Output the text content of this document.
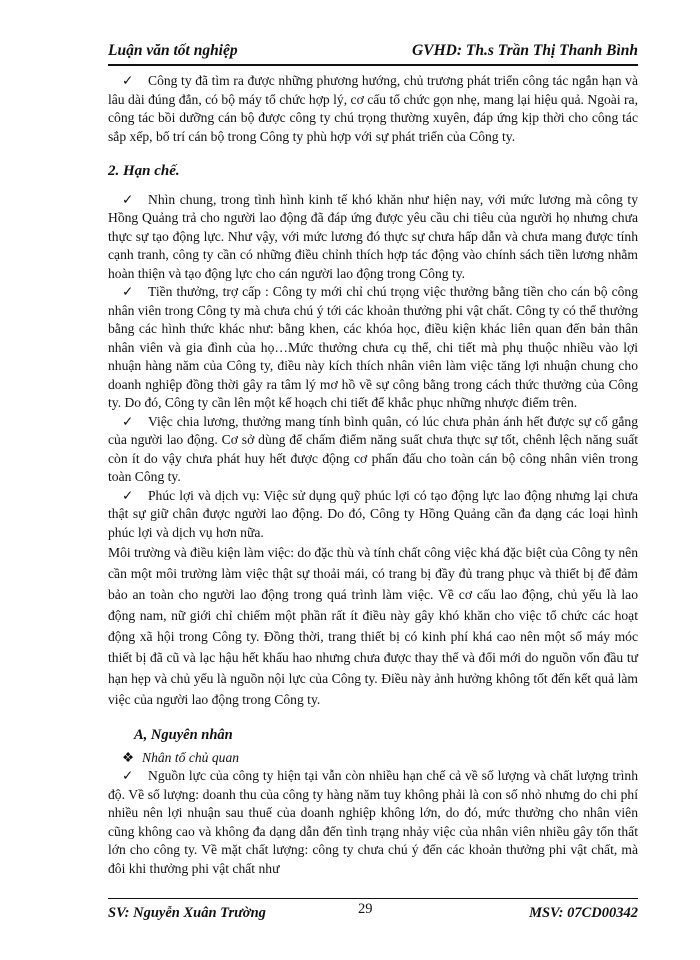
Luận văn tốt nghiệp	GVHD: Th.s Trần Thị Thanh Bình

✓ Công ty đã tìm ra được những phương hướng, chủ trương phát triển công tác ngắn hạn và lâu dài đúng đắn, có bộ máy tổ chức hợp lý, cơ cấu tổ chức gọn nhẹ, mang lại hiệu quả. Ngoài ra, công tác bồi dưỡng cán bộ được công ty chú trọng thường xuyên, đáp ứng kịp thời cho công tác sắp xếp, bố trí cán bộ trong Công ty phù hợp với sự phát triển của Công ty.

2. Hạn chế.

✓ Nhìn chung, trong tình hình kinh tế khó khăn như hiện nay, với mức lương mà công ty Hồng Quảng trả cho người lao động đã đáp ứng được yêu cầu chi tiêu của người họ nhưng chưa thực sự tạo động lực. Như vậy, với mức lương đó thực sự chưa hấp dẫn và chưa mang được tính cạnh tranh, công ty cần có những điều chỉnh thích hợp tác động vào chính sách tiền lương nhằm hoàn thiện và tạo động lực cho cán người lao động trong Công ty.

✓ Tiền thưởng, trợ cấp : Công ty mới chỉ chú trọng việc thưởng bằng tiền cho cán bộ công nhân viên trong Công ty mà chưa chú ý tới các khoản thưởng phi vật chất. Công ty có thể thưởng bằng các hình thức khác như: bằng khen, các khóa học, điều kiện khác liên quan đến bản thân nhân viên và gia đình của họ…Mức thưởng chưa cụ thể, chi tiết mà phụ thuộc nhiều vào lợi nhuận hàng năm của Công ty, điều này kích thích nhân viên làm việc tăng lợi nhuận chung cho doanh nghiệp đồng thời gây ra tâm lý mơ hồ về sự công bằng trong cách thức thưởng của Công ty. Do đó, Công ty cần lên một kế hoạch chi tiết để khắc phục những nhược điểm trên.

✓ Việc chia lương, thưởng mang tính bình quân, có lúc chưa phản ánh hết được sự cố gắng của người lao động. Cơ sở dùng để chấm điểm năng suất chưa thực sự tốt, chênh lệch năng suất còn ít do vậy chưa phát huy hết được động cơ phấn đấu cho toàn cán bộ công nhân viên trong toàn Công ty.

✓ Phúc lợi và dịch vụ: Việc sử dụng quỹ phúc lợi có tạo động lực lao động nhưng lại chưa thật sự giữ chân được người lao động. Do đó, Công ty Hồng Quảng cần đa dạng các loại hình phúc lợi và dịch vụ hơn nữa.

Môi trường và điều kiện làm việc: do đặc thù và tính chất công việc khá đặc biệt của Công ty nên cần một môi trường làm việc thật sự thoải mái, có trang bị đầy đủ trang phục và thiết bị để đảm bảo an toàn cho người lao động trong quá trình làm việc. Về cơ cấu lao động, chủ yếu là lao động nam, nữ giới chỉ chiếm một phần rất ít điều này gây khó khăn cho việc tổ chức các hoạt động xã hội trong Công ty. Đồng thời, trang thiết bị có kinh phí khá cao nên một số máy móc thiết bị đã cũ và lạc hậu hết khấu hao nhưng chưa được thay thế và đổi mới do nguồn vốn đầu tư hạn hẹp và chủ yếu là nguồn nội lực của Công ty. Điều này ảnh hưởng không tốt đến kết quả làm việc của người lao động trong Công ty.

A, Nguyên nhân

❖ Nhân tố chủ quan

✓ Nguồn lực của công ty hiện tại vẫn còn nhiều hạn chế cả về số lượng và chất lượng trình độ. Về số lượng: doanh thu của công ty hàng năm tuy không phải là con số nhỏ nhưng do chi phí nhiều nên lợi nhuận sau thuế của doanh nghiệp không lớn, do đó, mức thưởng cho nhân viên cũng không cao và không đa dạng dẫn đến tình trạng nhảy việc của nhân viên nhiều gây tổn thất lớn cho công ty. Về mặt chất lượng: công ty chưa chú ý đến các khoản thưởng phi vật chất, mà đôi khi thưởng phi vật chất như

SV: Nguyễn Xuân Trường	29	MSV: 07CD00342
